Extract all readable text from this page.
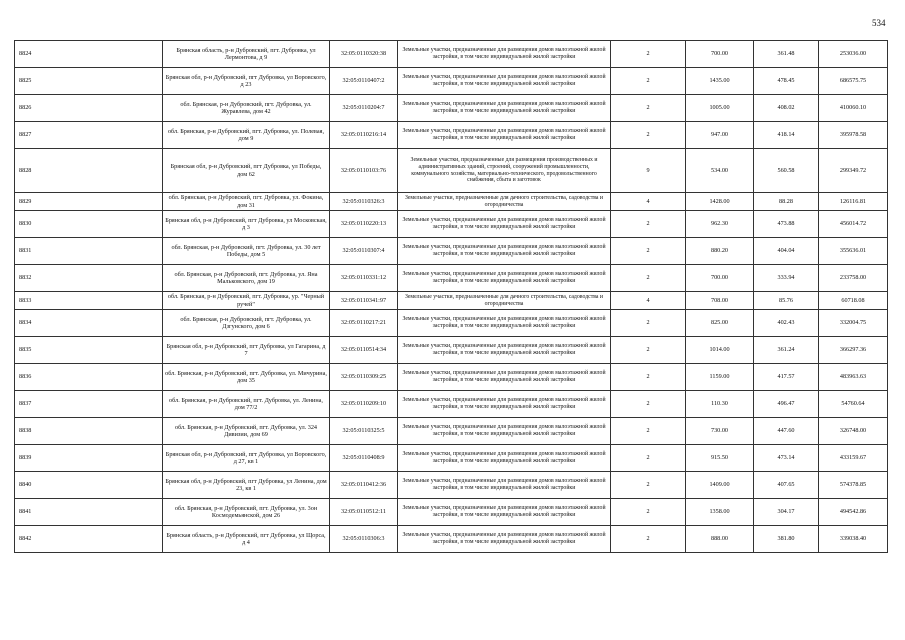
534
8824	Брянская область, р-н Дубровский, пгт. Дубровка, ул Лермонтова, д 9	32:05:0110320:38	Земельные участки, предназначенные для размещения домов малоэтажной жилой застройки, в том числе индивидуальной жилой застройки	2	700.00	361.48	253036.00
8825	Брянская обл, р-н Дубровский, пгт Дубровка, ул Воровского, д 23	32:05:0110407:2	Земельные участки, предназначенные для размещения домов малоэтажной жилой застройки, в том числе индивидуальной жилой застройки	2	1435.00	478.45	686575.75
8826	обл. Брянская, р-н Дубровский, пгт. Дубровка, ул. Журавлева, дом 42	32:05:0110204:7	Земельные участки, предназначенные для размещения домов малоэтажной жилой застройки, в том числе индивидуальной жилой застройки	2	1005.00	408.02	410060.10
8827	обл. Брянская, р-н Дубровский, пгт. Дубровка, ул. Полевая, дом 9	32:05:0110216:14	Земельные участки, предназначенные для размещения домов малоэтажной жилой застройки, в том числе индивидуальной жилой застройки	2	947.00	418.14	395978.58
8828	Брянская обл, р-н Дубровский, пгт Дубровка, ул Победы, дом 62	32:05:0110103:76	Земельные участки, предназначенные для размещения производственных и административных зданий, строений, сооружений промышленности, коммунального хозяйства, материально-технического, продовольственного снабжения, сбыта и заготовок	9	534.00	560.58	299349.72
8829	обл. Брянская, р-н Дубровский, пгт. Дубровка, ул. Фокина, дом 31	32:05:0110326:3	Земельные участки, предназначенные для дачного строительства, садоводства и огородничества	4	1428.00	88.28	126116.81
8830	Брянская обл, р-н Дубровский, пгт Дубровка, ул Московская, д 3	32:05:0110220:13	Земельные участки, предназначенные для размещения домов малоэтажной жилой застройки, в том числе индивидуальной жилой застройки	2	962.30	473.88	456014.72
8831	обл. Брянская, р-н Дубровский, пгт. Дубровка, ул. 30 лет Победы, дом 5	32:05:0110307:4	Земельные участки, предназначенные для размещения домов малоэтажной жилой застройки, в том числе индивидуальной жилой застройки	2	880.20	404.04	355636.01
8832	обл. Брянская, р-н Дубровский, пгт. Дубровка, ул. Яна Мальковского, дом 19	32:05:0110331:12	Земельные участки, предназначенные для размещения домов малоэтажной жилой застройки, в том числе индивидуальной жилой застройки	2	700.00	333.94	233758.00
8833	обл. Брянская, р-н Дубровский, пгт. Дубровка, ур. "Черный ручей"	32:05:0110341:97	Земельные участки, предназначенные для дачного строительства, садоводства и огородничества	4	708.00	85.76	60718.08
8834	обл. Брянская, р-н Дубровский, пгт. Дубровка, ул. Дзгунского, дом 6	32:05:0110217:21	Земельные участки, предназначенные для размещения домов малоэтажной жилой застройки, в том числе индивидуальной жилой застройки	2	825.00	402.43	332004.75
8835	Брянская обл, р-н Дубровский, пгт Дубровка, ул Гагарина, д 7	32:05:0110514:34	Земельные участки, предназначенные для размещения домов малоэтажной жилой застройки, в том числе индивидуальной жилой застройки	2	1014.00	361.24	366297.36
8836	обл. Брянская, р-н Дубровский, пгт. Дубровка, ул. Мичурина, дом 35	32:05:0110309:25	Земельные участки, предназначенные для размещения домов малоэтажной жилой застройки, в том числе индивидуальной жилой застройки	2	1159.00	417.57	483963.63
8837	обл. Брянская, р-н Дубровский, пгт. Дубровка, ул. Ленина, дом 77/2	32:05:0110209:10	Земельные участки, предназначенные для размещения домов малоэтажной жилой застройки, в том числе индивидуальной жилой застройки	2	110.30	496.47	54760.64
8838	обл. Брянская, р-н Дубровский, пгт. Дубровка, ул. 324 Дивизии, дом 69	32:05:0110325:5	Земельные участки, предназначенные для размещения домов малоэтажной жилой застройки, в том числе индивидуальной жилой застройки	2	730.00	447.60	326748.00
8839	Брянская обл, р-н Дубровский, пгт Дубровка, ул Воровского, д 27, кв 1	32:05:0110408:9	Земельные участки, предназначенные для размещения домов малоэтажной жилой застройки, в том числе индивидуальной жилой застройки	2	915.50	473.14	433159.67
8840	Брянская обл, р-н Дубровский, пгт Дубровка, ул Ленина, дом 23, кв 1	32:05:0110412:36	Земельные участки, предназначенные для размещения домов малоэтажной жилой застройки, в том числе индивидуальной жилой застройки	2	1409.00	407.65	574378.85
8841	обл. Брянская, р-н Дубровский, пгт. Дубровка, ул. 3он Космодемьянской, дом 26	32:05:0110512:11	Земельные участки, предназначенные для размещения домов малоэтажной жилой застройки, в том числе индивидуальной жилой застройки	2	1358.00	304.17	494542.86
8842	Брянская область, р-н Дубровский, пгт Дубровка, ул Щорса, д 4	32:05:0110306:3	Земельные участки, предназначенные для размещения домов малоэтажной жилой застройки, в том числе индивидуальной жилой застройки	2	888.00	381.80	339038.40
